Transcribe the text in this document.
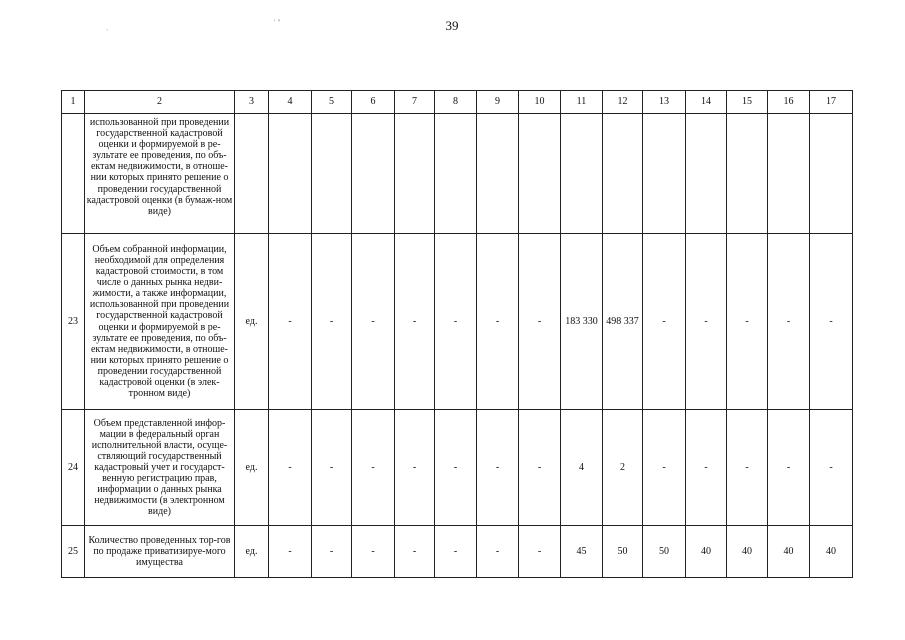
39
' ''
`
1	2	3	4	5	6	7	8	9	10	11	12	13	14	15	16	17
	использованной при проведении государственной кадастровой оценки и формируемой в ре-зультате ее проведения, по объ-ектам недвижимости, в отноше-нии которых принято решение о проведении государственной кадастровой оценки (в бумаж-ном виде)															
23	Объем собранной информации, необходимой для определения кадастровой стоимости, в том числе о данных рынка недви-жимости, а также информации, использованной при проведении государственной кадастровой оценки и формируемой в ре-зультате ее проведения, по объ-ектам недвижимости, в отноше-нии которых принято решение о проведении государственной кадастровой оценки (в элек-тронном виде)	ед.	-	-	-	-	-	-	-	183 330	498 337	-	-	-	-	-
24	Объем представленной инфор-мации в федеральный орган исполнительной власти, осуще-ствляющий государственный кадастровый учет и государст-венную регистрацию прав, информации о данных рынка недвижимости (в электронном виде)	ед.	-	-	-	-	-	-	-	4	2	-	-	-	-	-
25	Количество проведенных тор-гов по продаже приватизируе-мого имущества	ед.	-	-	-	-	-	-	-	45	50	50	40	40	40	40
